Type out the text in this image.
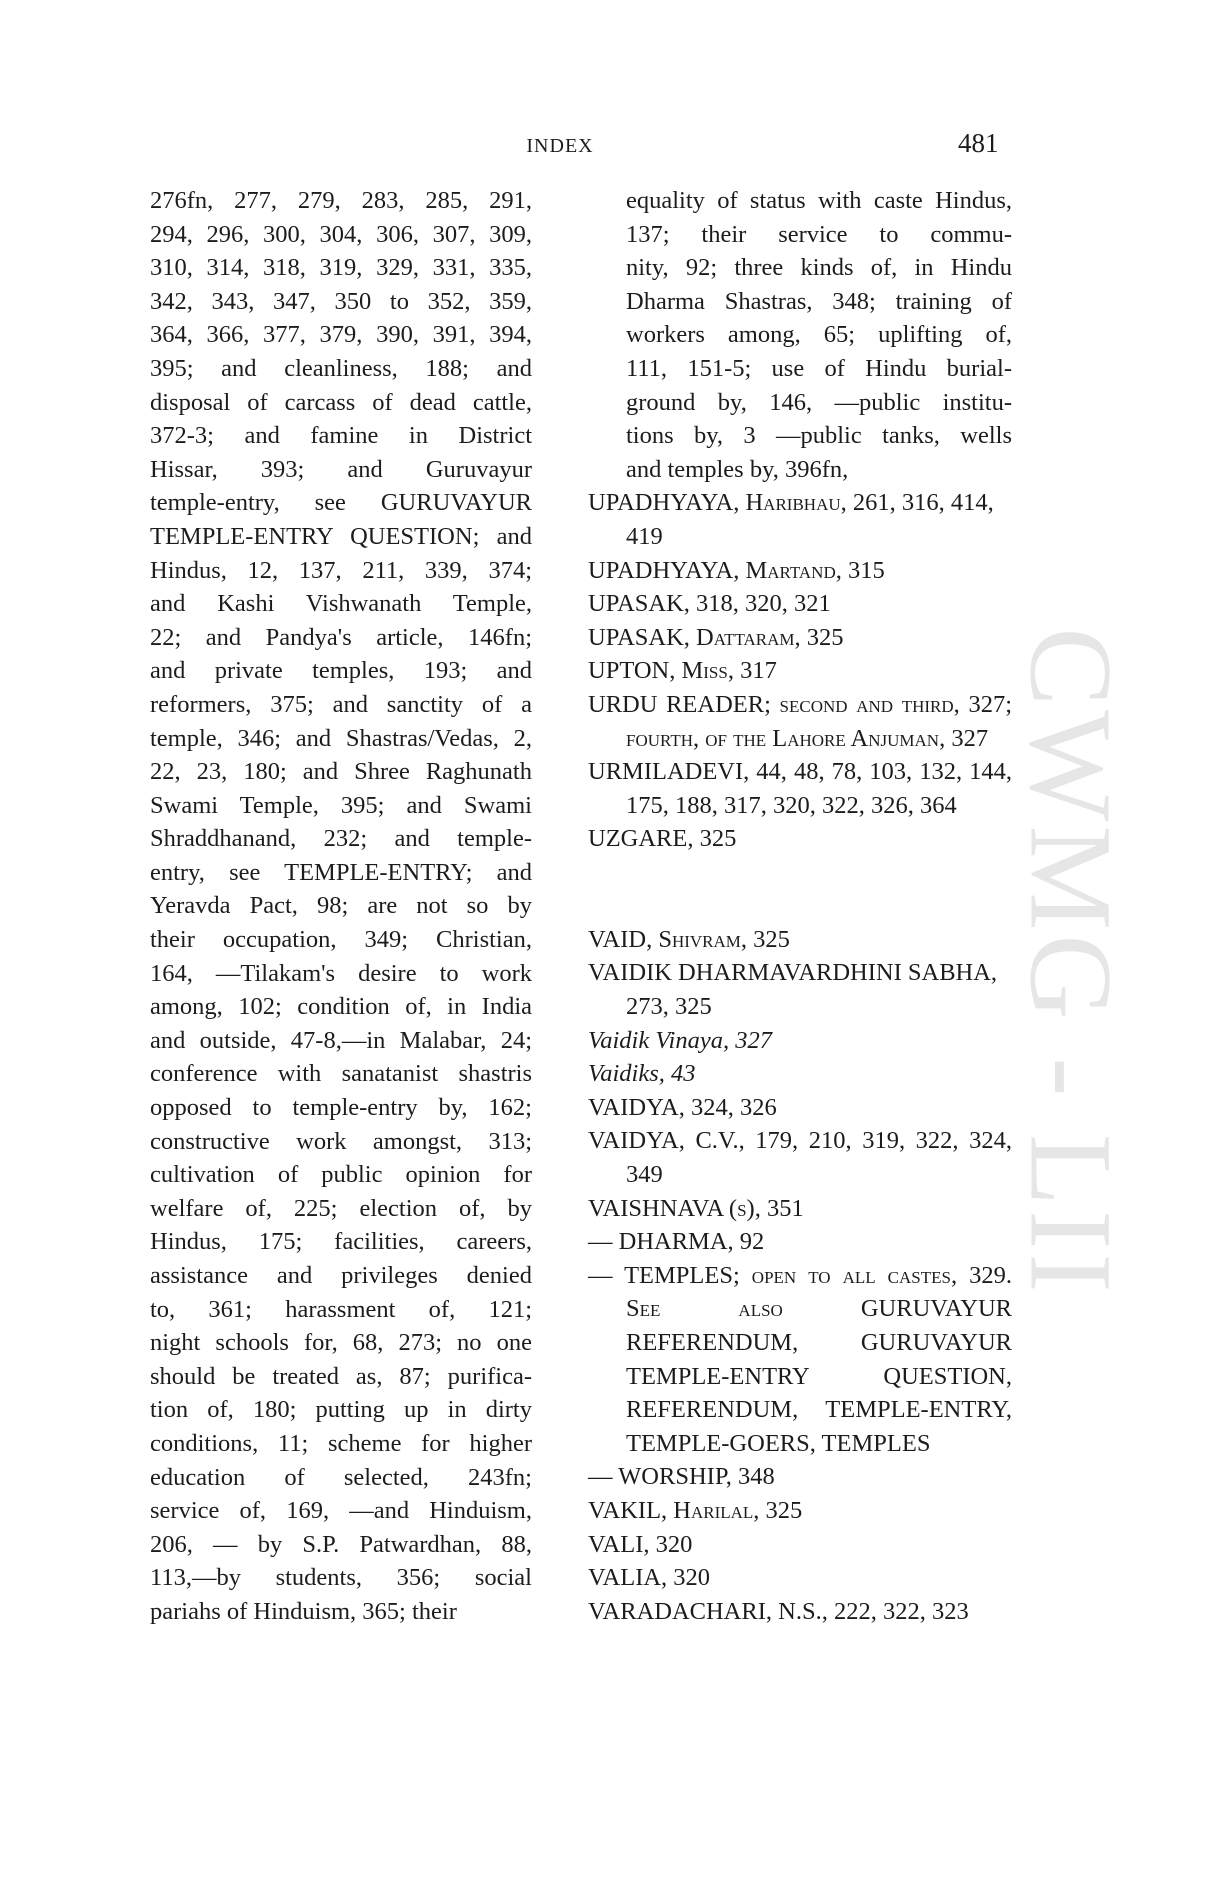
INDEX	481

276fn, 277, 279, 283, 285, 291,

294, 296, 300, 304, 306, 307, 309,

310, 314, 318, 319, 329, 331, 335,

342, 343, 347, 350 to 352, 359,

364, 366, 377, 379, 390, 391, 394,

395; and cleanliness, 188; and

disposal of carcass of dead cattle,

372-3; and famine in District

Hissar, 393; and Guruvayur

temple-entry, see GURUVAYUR

TEMPLE-ENTRY QUESTION; and

Hindus, 12, 137, 211, 339, 374;

and Kashi Vishwanath Temple,

22; and Pandya's article, 146fn;

and private temples, 193; and

reformers, 375; and sanctity of a

temple, 346; and Shastras/Vedas, 2,

22, 23, 180; and Shree Raghunath

Swami Temple, 395; and Swami

Shraddhanand, 232; and temple-

entry, see TEMPLE-ENTRY; and

Yeravda Pact, 98; are not so by

their occupation, 349; Christian,

164, —Tilakam's desire to work

among, 102; condition of, in India

and outside, 47-8,—in Malabar, 24;

conference with sanatanist shastris

opposed to temple-entry by, 162;

constructive work amongst, 313;

cultivation of public opinion for

welfare of, 225; election of, by

Hindus, 175; facilities, careers,

assistance and privileges denied

to, 361; harassment of, 121;

night schools for, 68, 273; no one

should be treated as, 87; purifica-

tion of, 180; putting up in dirty

conditions, 11; scheme for higher

education of selected, 243fn;

service of, 169, —and Hinduism,

206, — by S.P. Patwardhan, 88,

113,—by students, 356; social

pariahs of Hinduism, 365; their

equality of status with caste Hindus,

137; their service to commu-

nity, 92; three kinds of, in Hindu

Dharma Shastras, 348; training of

workers among, 65; uplifting of,

111, 151-5; use of Hindu burial-

ground by, 146, —public institu-

tions by, 3 —public tanks, wells

and temples by, 396fn,

UPADHYAYA, Haribhau, 261, 316, 414, 419

UPADHYAYA, Martand, 315

UPASAK, 318, 320, 321

UPASAK, Dattaram, 325

UPTON, Miss, 317

URDU READER; second and third, 327; fourth, of the Lahore Anjuman, 327

URMILADEVI, 44, 48, 78, 103, 132, 144, 175, 188, 317, 320, 322, 326, 364

UZGARE, 325

VAID, Shivram, 325

VAIDIK DHARMAVARDHINI SABHA, 273, 325

Vaidik Vinaya, 327

Vaidiks, 43

VAIDYA, 324, 326

VAIDYA, C.V., 179, 210, 319, 322, 324, 349

VAISHNAVA (s), 351

— DHARMA, 92

— TEMPLES; open to all castes, 329. See also GURUVAYUR REFERENDUM, GURUVAYUR TEMPLE-ENTRY QUESTION, REFERENDUM, TEMPLE-ENTRY, TEMPLE-GOERS, TEMPLES

— WORSHIP, 348

VAKIL, Harilal, 325

VALI, 320

VALIA, 320

VARADACHARI, N.S., 222, 322, 323

CWMG - LII
